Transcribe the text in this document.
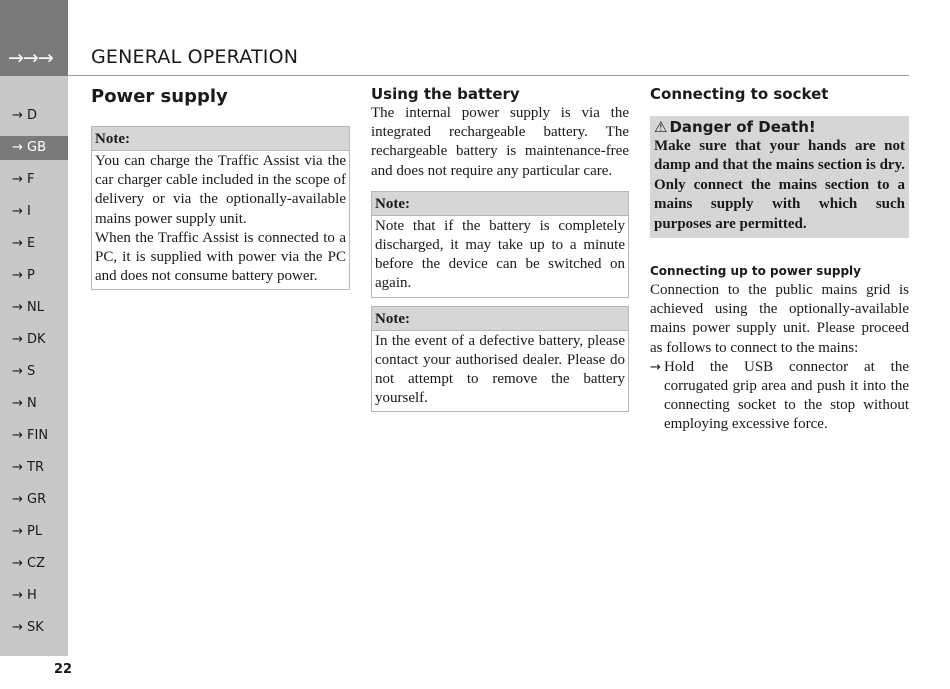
→→→
→ D
→ GB
→ F
→ I
→ E
→ P
→ NL
→ DK
→ S
→ N
→ FIN
→ TR
→ GR
→ PL
→ CZ
→ H
→ SK
22
GENERAL OPERATION
Power supply
Note:
You can charge the Traffic Assist via the car charger cable included in the scope of delivery or via the optionally-available mains power supply unit.
When the Traffic Assist is connected to a PC, it is supplied with power via the PC and does not consume battery power.
Using the battery

The internal power supply is via the integrated rechargeable battery. The rechargeable battery is maintenance-free and does not require any particular care.

Note:
Note that if the battery is completely discharged, it may take up to a minute before the device can be switched on again.
Note:
In the event of a defective battery, please contact your authorised dealer. Please do not attempt to remove the battery yourself.
Connecting to socket
⚠ Danger of Death!
Make sure that your hands are not damp and that the mains section is dry. Only connect the mains section to a mains supply with which such purposes are permitted.
Connecting up to power supply

Connection to the public mains grid is achieved using the optionally-available mains power supply unit. Please proceed as follows to connect to the mains:

→ Hold the USB connector at the corrugated grip area and push it into the connecting socket to the stop without employing excessive force.
